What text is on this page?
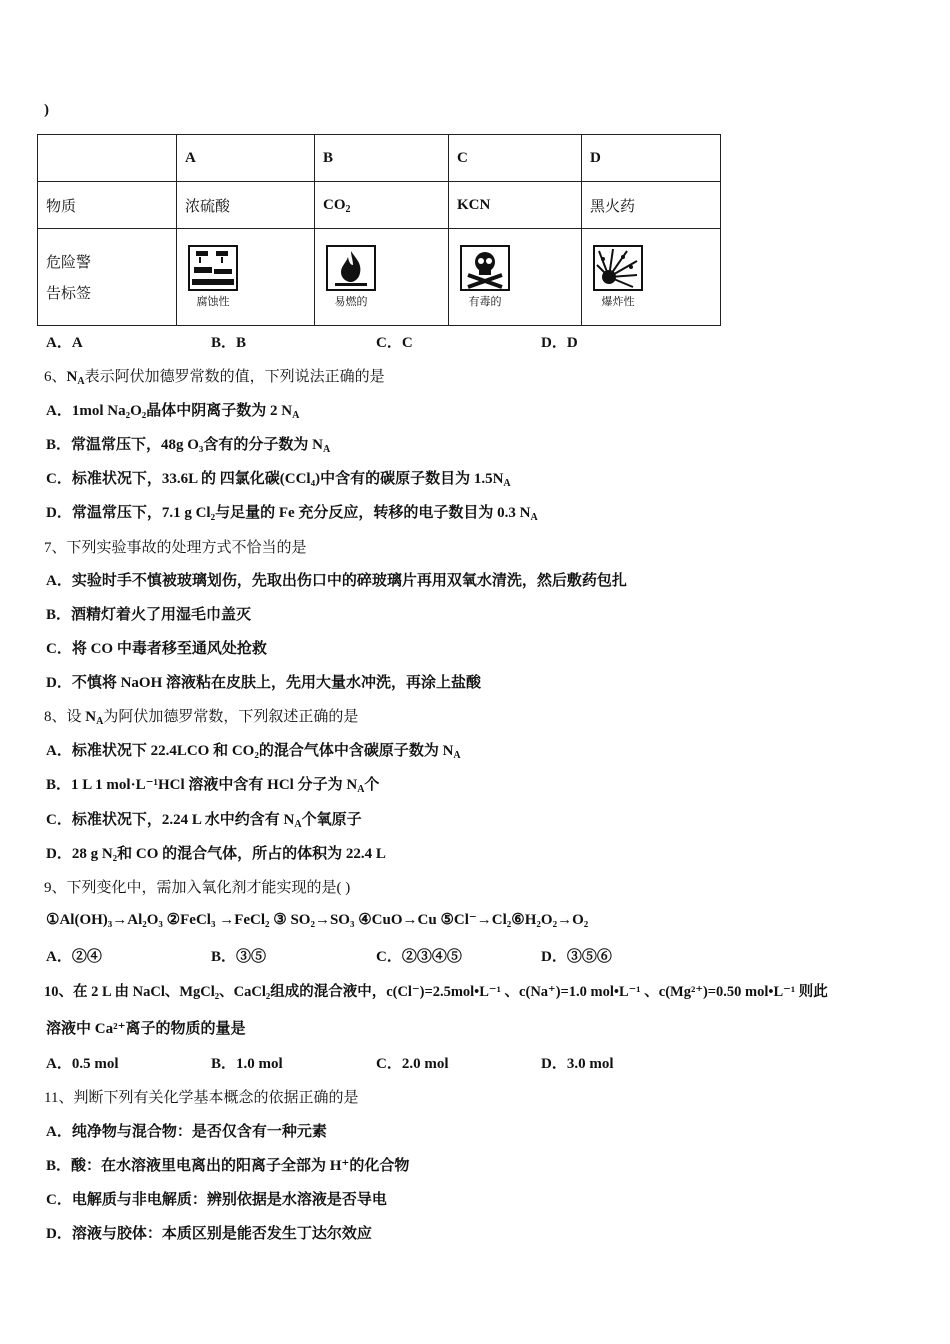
)
	A	B	C	D
物质	浓硫酸	$CO_2$	KCN	黑火药

危险警
告标签	腐蚀性	易燃的	有毒的	爆炸性
A．A	B．B	C．C	D．D
6、$N_A$表示阿伏加德罗常数的值，下列说法正确的是
A．1mol Na₂O₂晶体中阴离子数为 2 $N_A$
B．常温常压下，48g O₃含有的分子数为 $N_A$
C．标准状况下，33.6L 的 四氯化碳(CCl₄)中含有的碳原子数目为 $1.5N_A$
D．常温常压下，7.1 g Cl₂与足量的 Fe 充分反应，转移的电子数目为 0.3 $N_A$
7、下列实验事故的处理方式不恰当的是
A．实验时手不慎被玻璃划伤，先取出伤口中的碎玻璃片再用双氧水清洗，然后敷药包扎
B．酒精灯着火了用湿毛巾盖灭
C．将 CO 中毒者移至通风处抢救
D．不慎将 NaOH 溶液粘在皮肤上，先用大量水冲洗，再涂上盐酸
8、设 $N_A$为阿伏加德罗常数，下列叙述正确的是
A．标准状况下 22.4LCO 和 CO₂的混合气体中含碳原子数为 $N_A$
B．1 L 1 mol·L⁻¹HCl 溶液中含有 HCl 分子为 $N_A$个
C．标准状况下，2.24 L 水中约含有 $N_A$个氧原子
D．28 g N₂和 CO 的混合气体，所占的体积为 22.4 L
9、下列变化中，需加入氧化剂才能实现的是( )
①Al(OH)₃→Al₂O₃ ②FeCl₃ →FeCl₂ ③ SO₂→SO₃ ④CuO→Cu ⑤Cl⁻→Cl₂⑥H₂O₂→O₂
A．②④	B．③⑤	C．②③④⑤	D．③⑤⑥
10、在 2 L 由 NaCl、MgCl₂、CaCl₂组成的混合液中，c(Cl⁻)=2.5mol•L⁻¹ 、c(Na⁺)=1.0 mol•L⁻¹ 、c(Mg²⁺)=0.50 mol•L⁻¹ 则此
溶液中 Ca²⁺离子的物质的量是
A．0.5 mol	B．1.0 mol	C．2.0 mol	D．3.0 mol
11、判断下列有关化学基本概念的依据正确的是
A．纯净物与混合物：是否仅含有一种元素
B．酸：在水溶液里电离出的阳离子全部为 H⁺的化合物
C．电解质与非电解质：辨别依据是水溶液是否导电
D．溶液与胶体：本质区别是能否发生丁达尔效应
